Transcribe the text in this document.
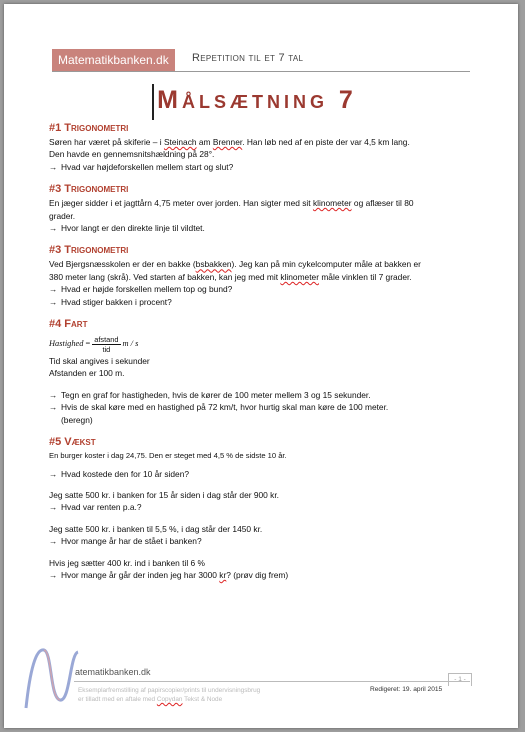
Matematikbanken.dk	Repetition til et 7 tal
Målsætning 7
#1 Trigonometri

Søren har været på skiferie – i Steinach am Brenner. Han løb ned af en piste der var 4,5 km lang.

Den havde en gennemsnitshældning på 28°.

→ Hvad var højdeforskellen mellem start og slut?

#3 Trigonometri

En jæger sidder i et jagttårn 4,75 meter over jorden. Han sigter med sit klinometer og aflæser til 80

grader.

→ Hvor langt er den direkte linje til vildtet.

#3 Trigonometri

Ved Bjergsnæsskolen er der en bakke (bsbakken). Jeg kan på min cykelcomputer måle at bakken er

380 meter lang (skrå). Ved starten af bakken, kan jeg med mit klinometer måle vinklen til 7 grader.

→ Hvad er højde forskellen mellem top og bund?

→ Hvad stiger bakken i procent?

#4 Fart
Hastighed = $\frac{\text{afstand}}{\text{tid}}$ m / s

Tid skal angives i sekunder

Afstanden er 100 m.

→ Tegn en graf for hastigheden, hvis de kører de 100 meter mellem 3 og 15 sekunder.

→ Hvis de skal køre med en hastighed på 72 km/t, hvor hurtig skal man køre de 100 meter.

(beregn)

#5 Vækst

En burger koster i dag 24,75. Den er steget med 4,5 % de sidste 10 år.

→ Hvad kostede den for 10 år siden?

Jeg satte 500 kr. i banken for 15 år siden i dag står der 900 kr.

→ Hvad var renten p.a.?

Jeg satte 500 kr. i banken til 5,5 %, i dag står der 1450 kr.

→ Hvor mange år har de stået i banken?

Hvis jeg sætter 400 kr. ind i banken til 6 %

→ Hvor mange år går der inden jeg har 3000 kr? (prøv dig frem)

atematikbanken.dk
- 1 -
Eksemplarfremstilling af papirscopier/prints til undervisningsbrug
er tilladt med en aftale med Copydan Tekst & Node
Redigeret: 19. april 2015
